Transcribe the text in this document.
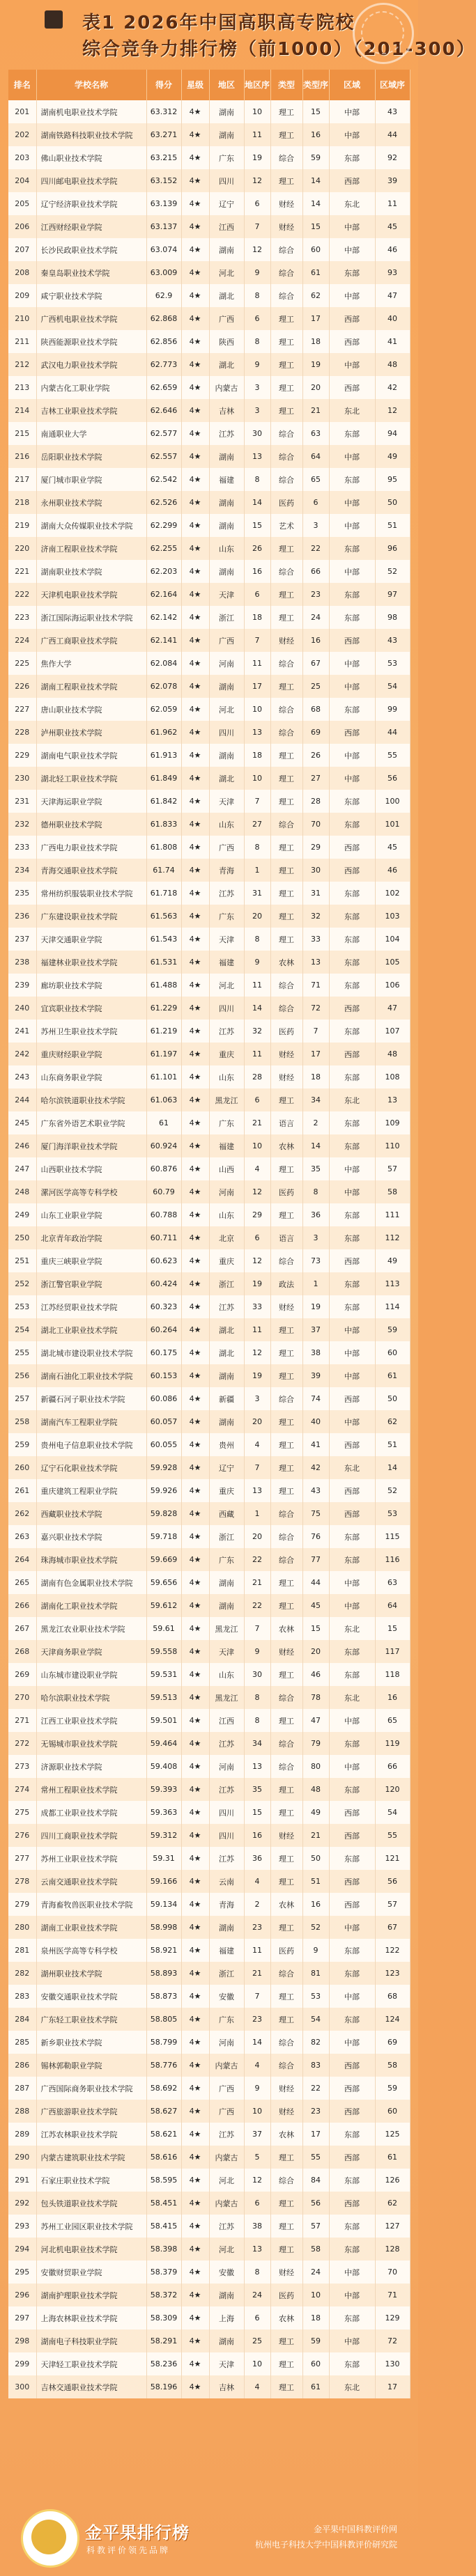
表1 2026年中国高职高专院校
综合竞争力排行榜（前1000）（201-300）
排名	学校名称	得分	星级	地区	地区序	类型	类型序	区域	区域序
201	湖南机电职业技术学院	63.312	4★	湖南	10	理工	15	中部	43
202	湖南铁路科技职业技术学院	63.271	4★	湖南	11	理工	16	中部	44
203	佛山职业技术学院	63.215	4★	广东	19	综合	59	东部	92
204	四川邮电职业技术学院	63.152	4★	四川	12	理工	14	西部	39
205	辽宁经济职业技术学院	63.139	4★	辽宁	6	财经	14	东北	11
206	江西财经职业学院	63.137	4★	江西	7	财经	15	中部	45
207	长沙民政职业技术学院	63.074	4★	湖南	12	综合	60	中部	46
208	秦皇岛职业技术学院	63.009	4★	河北	9	综合	61	东部	93
209	咸宁职业技术学院	62.9	4★	湖北	8	综合	62	中部	47
210	广西机电职业技术学院	62.868	4★	广西	6	理工	17	西部	40
211	陕西能源职业技术学院	62.856	4★	陕西	8	理工	18	西部	41
212	武汉电力职业技术学院	62.773	4★	湖北	9	理工	19	中部	48
213	内蒙古化工职业学院	62.659	4★	内蒙古	3	理工	20	西部	42
214	吉林工业职业技术学院	62.646	4★	吉林	3	理工	21	东北	12
215	南通职业大学	62.577	4★	江苏	30	综合	63	东部	94
216	岳阳职业技术学院	62.557	4★	湖南	13	综合	64	中部	49
217	厦门城市职业学院	62.542	4★	福建	8	综合	65	东部	95
218	永州职业技术学院	62.526	4★	湖南	14	医药	6	中部	50
219	湖南大众传媒职业技术学院	62.299	4★	湖南	15	艺术	3	中部	51
220	济南工程职业技术学院	62.255	4★	山东	26	理工	22	东部	96
221	湖南职业技术学院	62.203	4★	湖南	16	综合	66	中部	52
222	天津机电职业技术学院	62.164	4★	天津	6	理工	23	东部	97
223	浙江国际海运职业技术学院	62.142	4★	浙江	18	理工	24	东部	98
224	广西工商职业技术学院	62.141	4★	广西	7	财经	16	西部	43
225	焦作大学	62.084	4★	河南	11	综合	67	中部	53
226	湖南工程职业技术学院	62.078	4★	湖南	17	理工	25	中部	54
227	唐山职业技术学院	62.059	4★	河北	10	综合	68	东部	99
228	泸州职业技术学院	61.962	4★	四川	13	综合	69	西部	44
229	湖南电气职业技术学院	61.913	4★	湖南	18	理工	26	中部	55
230	湖北轻工职业技术学院	61.849	4★	湖北	10	理工	27	中部	56
231	天津海运职业学院	61.842	4★	天津	7	理工	28	东部	100
232	德州职业技术学院	61.833	4★	山东	27	综合	70	东部	101
233	广西电力职业技术学院	61.808	4★	广西	8	理工	29	西部	45
234	青海交通职业技术学院	61.74	4★	青海	1	理工	30	西部	46
235	常州纺织服装职业技术学院	61.718	4★	江苏	31	理工	31	东部	102
236	广东建设职业技术学院	61.563	4★	广东	20	理工	32	东部	103
237	天津交通职业学院	61.543	4★	天津	8	理工	33	东部	104
238	福建林业职业技术学院	61.531	4★	福建	9	农林	13	东部	105
239	廊坊职业技术学院	61.488	4★	河北	11	综合	71	东部	106
240	宜宾职业技术学院	61.229	4★	四川	14	综合	72	西部	47
241	苏州卫生职业技术学院	61.219	4★	江苏	32	医药	7	东部	107
242	重庆财经职业学院	61.197	4★	重庆	11	财经	17	西部	48
243	山东商务职业学院	61.101	4★	山东	28	财经	18	东部	108
244	哈尔滨铁道职业技术学院	61.063	4★	黑龙江	6	理工	34	东北	13
245	广东省外语艺术职业学院	61	4★	广东	21	语言	2	东部	109
246	厦门海洋职业技术学院	60.924	4★	福建	10	农林	14	东部	110
247	山西职业技术学院	60.876	4★	山西	4	理工	35	中部	57
248	漯河医学高等专科学校	60.79	4★	河南	12	医药	8	中部	58
249	山东工业职业学院	60.788	4★	山东	29	理工	36	东部	111
250	北京青年政治学院	60.711	4★	北京	6	语言	3	东部	112
251	重庆三峡职业学院	60.623	4★	重庆	12	综合	73	西部	49
252	浙江警官职业学院	60.424	4★	浙江	19	政法	1	东部	113
253	江苏经贸职业技术学院	60.323	4★	江苏	33	财经	19	东部	114
254	湖北工业职业技术学院	60.264	4★	湖北	11	理工	37	中部	59
255	湖北城市建设职业技术学院	60.175	4★	湖北	12	理工	38	中部	60
256	湖南石油化工职业技术学院	60.153	4★	湖南	19	理工	39	中部	61
257	新疆石河子职业技术学院	60.086	4★	新疆	3	综合	74	西部	50
258	湖南汽车工程职业学院	60.057	4★	湖南	20	理工	40	中部	62
259	贵州电子信息职业技术学院	60.055	4★	贵州	4	理工	41	西部	51
260	辽宁石化职业技术学院	59.928	4★	辽宁	7	理工	42	东北	14
261	重庆建筑工程职业学院	59.926	4★	重庆	13	理工	43	西部	52
262	西藏职业技术学院	59.828	4★	西藏	1	综合	75	西部	53
263	嘉兴职业技术学院	59.718	4★	浙江	20	综合	76	东部	115
264	珠海城市职业技术学院	59.669	4★	广东	22	综合	77	东部	116
265	湖南有色金属职业技术学院	59.656	4★	湖南	21	理工	44	中部	63
266	湖南化工职业技术学院	59.612	4★	湖南	22	理工	45	中部	64
267	黑龙江农业职业技术学院	59.61	4★	黑龙江	7	农林	15	东北	15
268	天津商务职业学院	59.558	4★	天津	9	财经	20	东部	117
269	山东城市建设职业学院	59.531	4★	山东	30	理工	46	东部	118
270	哈尔滨职业技术学院	59.513	4★	黑龙江	8	综合	78	东北	16
271	江西工业职业技术学院	59.501	4★	江西	8	理工	47	中部	65
272	无锡城市职业技术学院	59.464	4★	江苏	34	综合	79	东部	119
273	济源职业技术学院	59.408	4★	河南	13	综合	80	中部	66
274	常州工程职业技术学院	59.393	4★	江苏	35	理工	48	东部	120
275	成都工业职业技术学院	59.363	4★	四川	15	理工	49	西部	54
276	四川工商职业技术学院	59.312	4★	四川	16	财经	21	西部	55
277	苏州工业职业技术学院	59.31	4★	江苏	36	理工	50	东部	121
278	云南交通职业技术学院	59.166	4★	云南	4	理工	51	西部	56
279	青海畜牧兽医职业技术学院	59.134	4★	青海	2	农林	16	西部	57
280	湖南工业职业技术学院	58.998	4★	湖南	23	理工	52	中部	67
281	泉州医学高等专科学校	58.921	4★	福建	11	医药	9	东部	122
282	湖州职业技术学院	58.893	4★	浙江	21	综合	81	东部	123
283	安徽交通职业技术学院	58.873	4★	安徽	7	理工	53	中部	68
284	广东轻工职业技术学院	58.805	4★	广东	23	理工	54	东部	124
285	新乡职业技术学院	58.799	4★	河南	14	综合	82	中部	69
286	锡林郭勒职业学院	58.776	4★	内蒙古	4	综合	83	西部	58
287	广西国际商务职业技术学院	58.692	4★	广西	9	财经	22	西部	59
288	广西旅游职业技术学院	58.627	4★	广西	10	财经	23	西部	60
289	江苏农林职业技术学院	58.621	4★	江苏	37	农林	17	东部	125
290	内蒙古建筑职业技术学院	58.616	4★	内蒙古	5	理工	55	西部	61
291	石家庄职业技术学院	58.595	4★	河北	12	综合	84	东部	126
292	包头铁道职业技术学院	58.451	4★	内蒙古	6	理工	56	西部	62
293	苏州工业园区职业技术学院	58.415	4★	江苏	38	理工	57	东部	127
294	河北机电职业技术学院	58.398	4★	河北	13	理工	58	东部	128
295	安徽财贸职业学院	58.379	4★	安徽	8	财经	24	中部	70
296	湖南护理职业技术学院	58.372	4★	湖南	24	医药	10	中部	71
297	上海农林职业技术学院	58.309	4★	上海	6	农林	18	东部	129
298	湖南电子科技职业学院	58.291	4★	湖南	25	理工	59	中部	72
299	天津轻工职业技术学院	58.236	4★	天津	10	理工	60	东部	130
300	吉林交通职业技术学院	58.196	4★	吉林	4	理工	61	东北	17
金平果排行榜
科教评价领先品牌
金平果中国科教评价网
杭州电子科技大学中国科教评价研究院
